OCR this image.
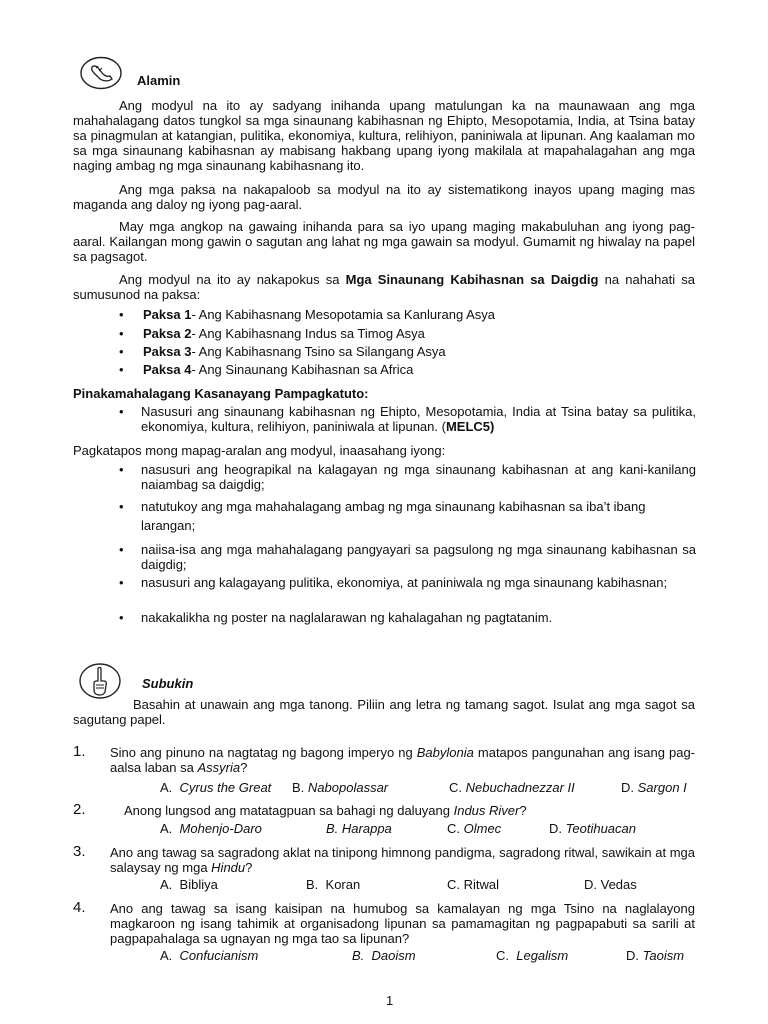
Alamin
Ang modyul na ito ay sadyang inihanda upang matulungan ka na maunawaan ang mga mahahalagang datos tungkol sa mga sinaunang kabihasnan ng Ehipto, Mesopotamia, India, at Tsina batay sa pinagmulan at katangian, pulitika, ekonomiya, kultura, relihiyon, paniniwala at lipunan. Ang kaalaman mo sa mga sinaunang kabihasnan ay mabisang hakbang upang iyong makilala at mapahalagahan ang mga naging ambag ng mga sinaunang kabihasnang ito.
Ang mga paksa na nakapaloob sa modyul na ito ay sistematikong inayos upang maging mas maganda ang daloy ng iyong pag-aaral.
May mga angkop na gawaing inihanda para sa iyo upang maging makabuluhan ang iyong pag-aaral. Kailangan mong gawin o sagutan ang lahat ng mga gawain sa modyul. Gumamit ng hiwalay na papel sa pagsagot.
Ang modyul na ito ay nakapokus sa Mga Sinaunang Kabihasnan sa Daigdig na nahahati sa sumusunod na paksa:
• Paksa 1- Ang Kabihasnang Mesopotamia sa Kanlurang Asya
• Paksa 2- Ang Kabihasnang Indus sa Timog Asya
• Paksa 3- Ang Kabihasnang Tsino sa Silangang Asya
• Paksa 4- Ang Sinaunang Kabihasnan sa Africa
Pinakamahalagang Kasanayang Pampagkatuto:
• Nasusuri ang sinaunang kabihasnan ng Ehipto, Mesopotamia, India at Tsina batay sa pulitika, ekonomiya, kultura, relihiyon, paniniwala at lipunan. (MELC5)
Pagkatapos mong mapag-aralan ang modyul, inaasahang iyong:
• nasusuri ang heograpikal na kalagayan ng mga sinaunang kabihasnan at ang kani-kanilang naiambag sa daigdig;
• natutukoy ang mga mahahalagang ambag ng mga sinaunang kabihasnan sa iba’t ibang
larangan;
• naiisa-isa ang mga mahahalagang pangyayari sa pagsulong ng mga sinaunang kabihasnan sa daigdig;
• nasusuri ang kalagayang pulitika, ekonomiya, at paniniwala ng mga sinaunang kabihasnan;
• nakakalikha ng poster na naglalarawan ng kahalagahan ng pagtatanim.
Subukin
Basahin at unawain ang mga tanong. Piliin ang letra ng tamang sagot. Isulat ang mga sagot sa sagutang papel.
1. Sino ang pinuno na nagtatag ng bagong imperyo ng Babylonia matapos pangunahan ang isang pag-aalsa laban sa Assyria?
A. Cyrus the Great B. Nabopolassar	C. Nebuchadnezzar II	D. Sargon I
2.	Anong lungsod ang matatagpuan sa bahagi ng daluyang Indus River?
A. Mohenjo-Daro	B. Harappa	C. Olmec	D. Teotihuacan
3. Ano ang tawag sa sagradong aklat na tinipong himnong pandigma, sagradong ritwal, sawikain at mga salaysay ng mga Hindu?
A. Bibliya	B. Koran	C. Ritwal	D. Vedas
4. Ano ang tawag sa isang kaisipan na humubog sa kamalayan ng mga Tsino na naglalayong magkaroon ng isang tahimik at organisadong lipunan sa pamamagitan ng pagpapabuti sa sarili at pagpapahalaga sa ugnayan ng mga tao sa lipunan?
A. Confucianism	B. Daoism	C. Legalism	D. Taoism
1
